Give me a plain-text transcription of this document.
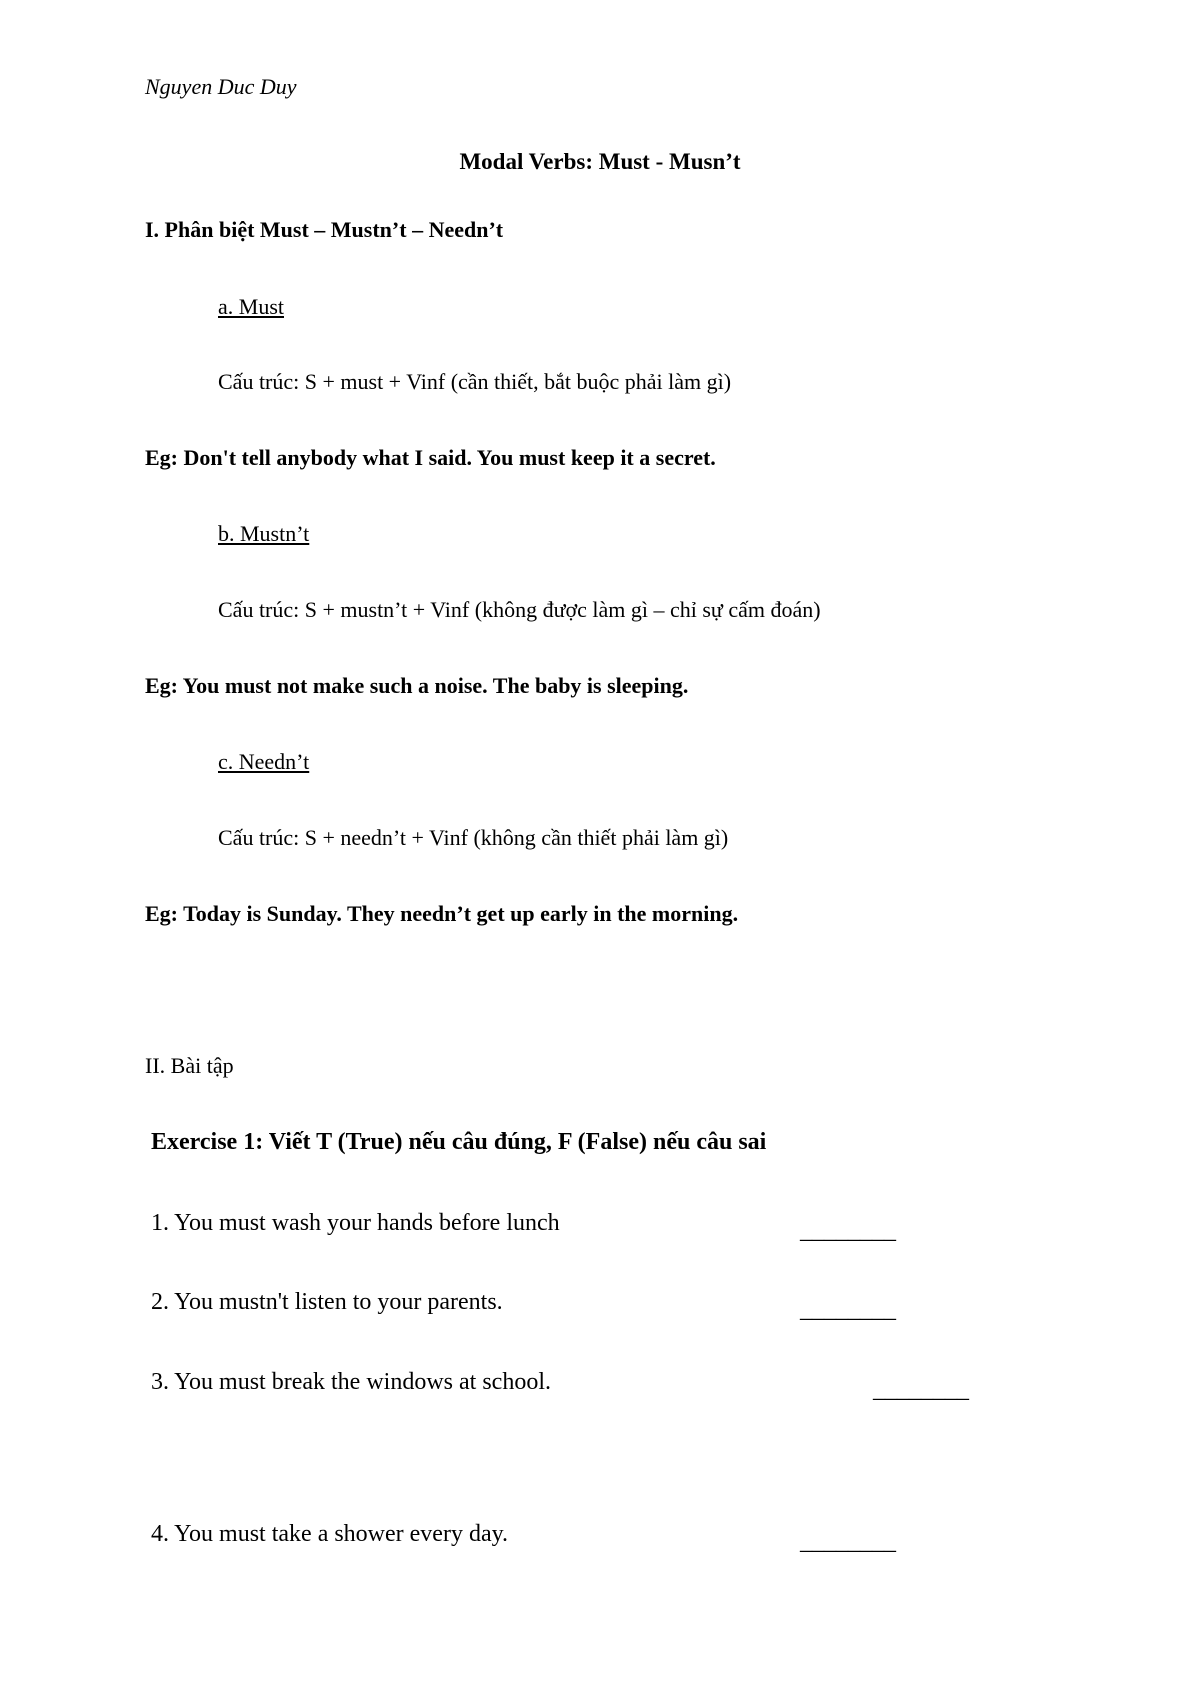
Nguyen Duc Duy
Modal Verbs: Must - Musn’t
I. Phân biệt Must – Mustn’t – Needn’t
a. Must
Cấu trúc: S + must + Vinf (cần thiết, bắt buộc phải làm gì)
Eg: Don't tell anybody what I said. You must keep it a secret.
b. Mustn’t
Cấu trúc: S + mustn’t + Vinf (không được làm gì – chỉ sự cấm đoán)
Eg: You must not make such a noise. The baby is sleeping.
c. Needn’t
Cấu trúc: S + needn’t + Vinf (không cần thiết phải làm gì)
Eg: Today is Sunday. They needn’t get up early in the morning.
II. Bài tập
Exercise 1: Viết T (True) nếu câu đúng, F (False) nếu câu sai
1. You must wash your hands before lunch	________
2. You mustn't listen to your parents.	________
3. You must break the windows at school.	________
4. You must take a shower every day.	________
